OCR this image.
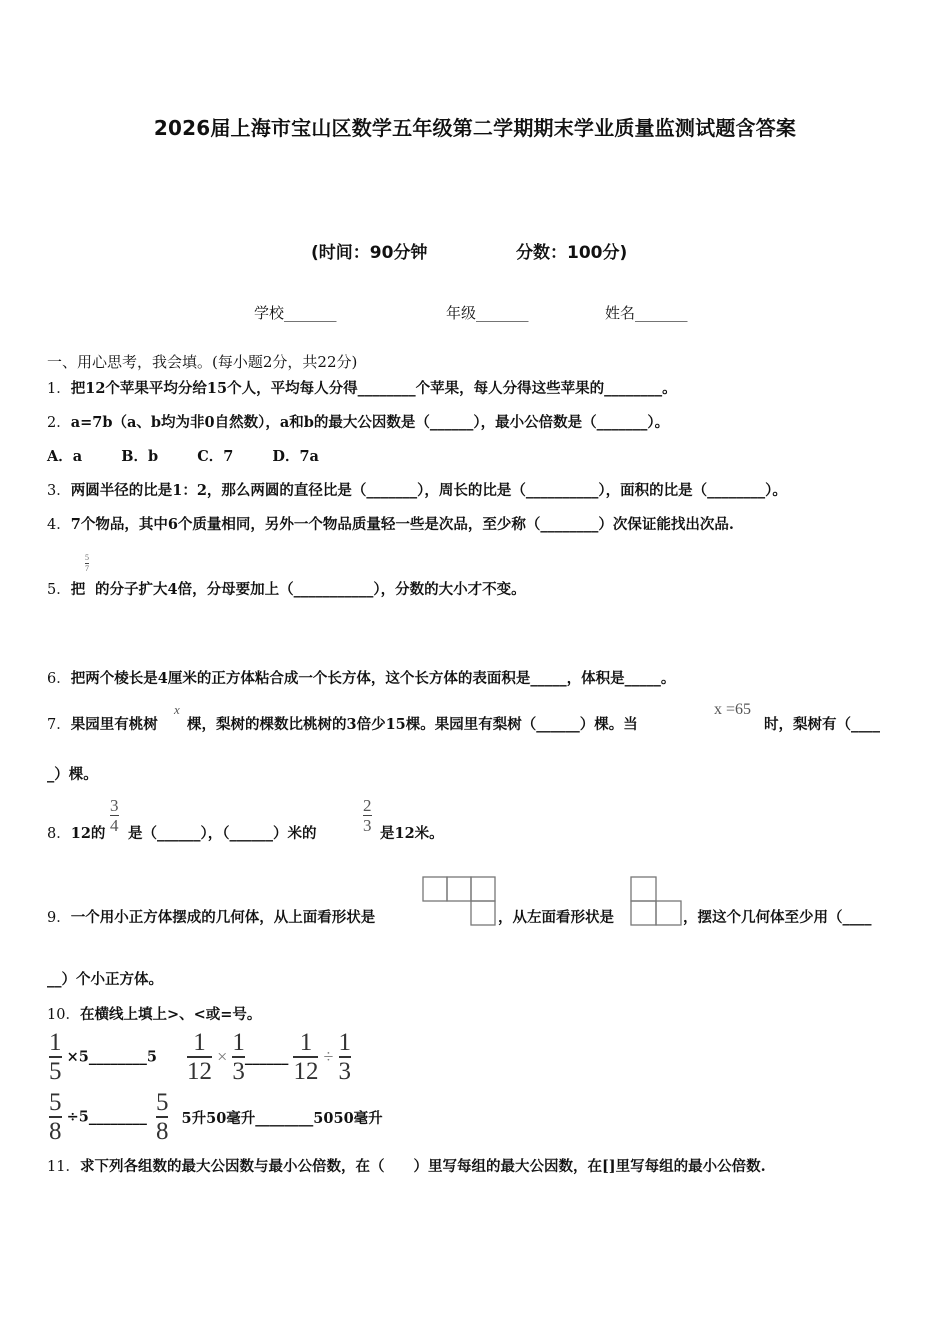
2026届上海市宝山区数学五年级第二学期期末学业质量监测试题含答案
(时间：90分钟	分数：100分)
学校_______	年级_______	姓名_______
一、用心思考，我会填。(每小题2分，共22分)
1．把12个苹果平均分给15个人，平均每人分得________个苹果，每人分得这些苹果的________。
2．a=7b（a、b均为非0自然数），a和b的最大公因数是（______），最小公倍数是（_______）。
A．a	B．b	C．7	D．7a
3．两圆半径的比是1：2，那么两圆的直径比是（_______），周长的比是（__________），面积的比是（________）。
4．7个物品，其中6个质量相同，另外一个物品质量轻一些是次品，至少称（________）次保证能找出次品.
5．把
$\frac{5}{7}$
的分子扩大4倍，分母要加上（___________），分数的大小才不变。
6．把两个棱长是4厘米的正方体粘合成一个长方体，这个长方体的表面积是_____，体积是_____。
7．果园里有桃树
x
棵，梨树的棵数比桃树的3倍少15棵。果园里有梨树（______）棵。当
x =65
时，梨树有（____
_）棵。
8．12的 $\frac{3}{4}$ 是（______），（______）米的	$\frac{2}{3}$ 是12米。
9．一个用小正方体摆成的几何体，从上面看形状是	，从左面看形状是	，摆这个几何体至少用（____
__）个小正方体。
10．在横线上填上>、<或=号。
$\frac{1}{5}$ ×5________5 $\frac{1}{12} \times \frac{1}{3}$ ______ $\frac{1}{12} \div \frac{1}{3}$
$\frac{5}{8}$ ÷5________ $\frac{5}{8} 5$升50毫升________5050毫升
11．求下列各组数的最大公因数与最小公倍数，在（　　）里写每组的最大公因数，在[]里写每组的最小公倍数.
